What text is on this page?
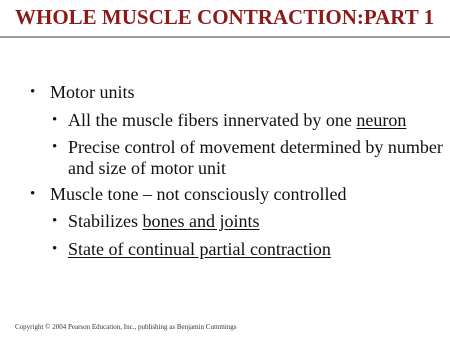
WHOLE MUSCLE CONTRACTION:PART 1
• Motor units
• All the muscle fibers innervated by one neuron
• Precise control of movement determined by number and size of motor unit
• Muscle tone – not consciously controlled
• Stabilizes bones and joints
• State of continual partial contraction
Copyright © 2004 Pearson Education, Inc., publishing as Benjamin Cummings
